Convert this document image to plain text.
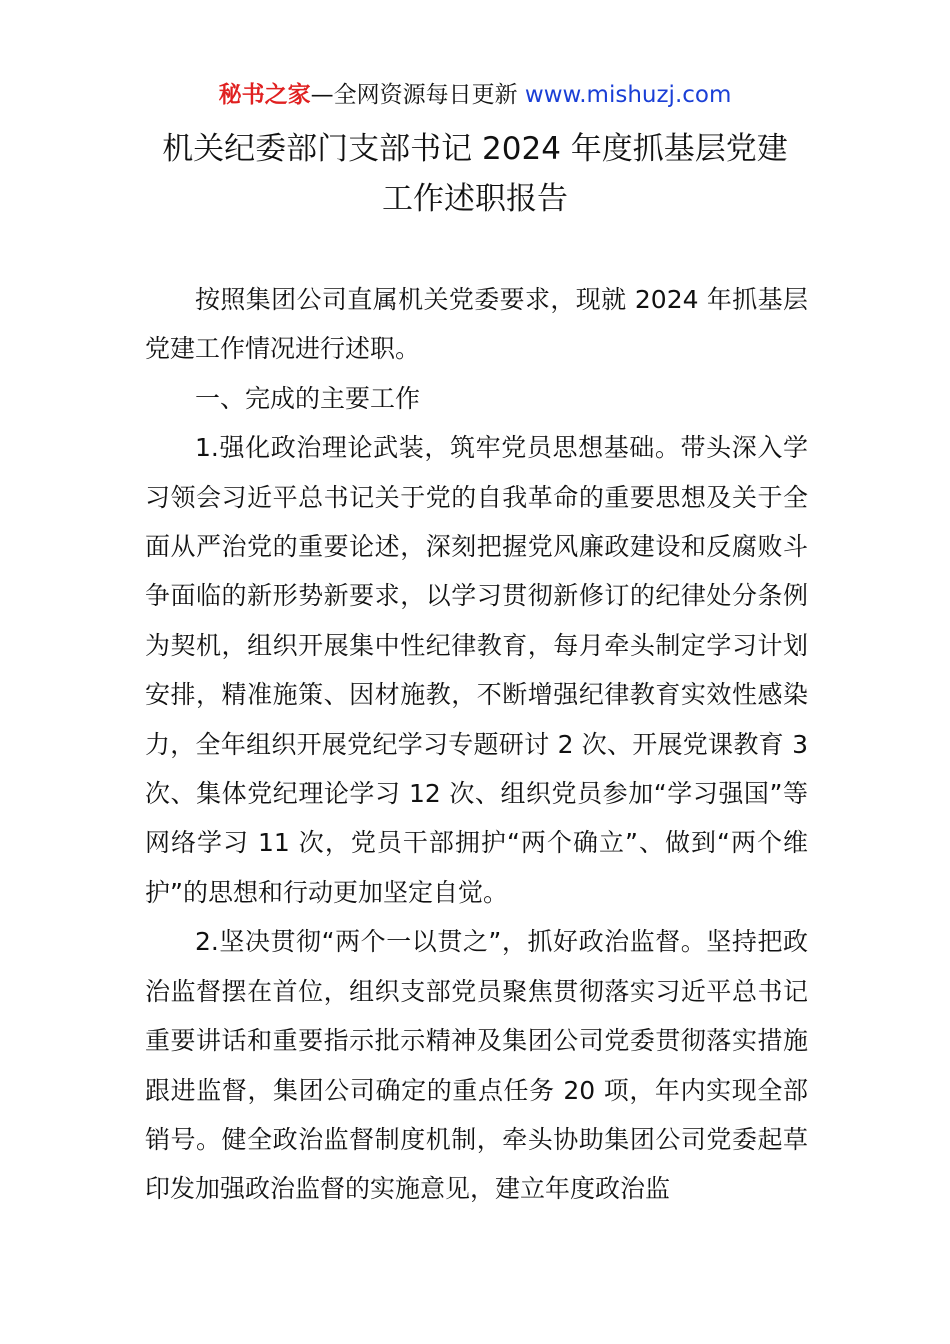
秘书之家—全网资源每日更新 www.mishuzj.com
机关纪委部门支部书记 2024 年度抓基层党建
工作述职报告

按照集团公司直属机关党委要求，现就 2024 年抓基层党建工作情况进行述职。

一、完成的主要工作

1.强化政治理论武装，筑牢党员思想基础。带头深入学习领会习近平总书记关于党的自我革命的重要思想及关于全面从严治党的重要论述，深刻把握党风廉政建设和反腐败斗争面临的新形势新要求，以学习贯彻新修订的纪律处分条例为契机，组织开展集中性纪律教育，每月牵头制定学习计划安排，精准施策、因材施教，不断增强纪律教育实效性感染力，全年组织开展党纪学习专题研讨 2 次、开展党课教育 3 次、集体党纪理论学习 12 次、组织党员参加“学习强国”等网络学习 11 次，党员干部拥护“两个确立”、做到“两个维护”的思想和行动更加坚定自觉。

2.坚决贯彻“两个一以贯之”，抓好政治监督。坚持把政治监督摆在首位，组织支部党员聚焦贯彻落实习近平总书记重要讲话和重要指示批示精神及集团公司党委贯彻落实措施跟进监督，集团公司确定的重点任务 20 项，年内实现全部销号。健全政治监督制度机制，牵头协助集团公司党委起草印发加强政治监督的实施意见，建立年度政治监
